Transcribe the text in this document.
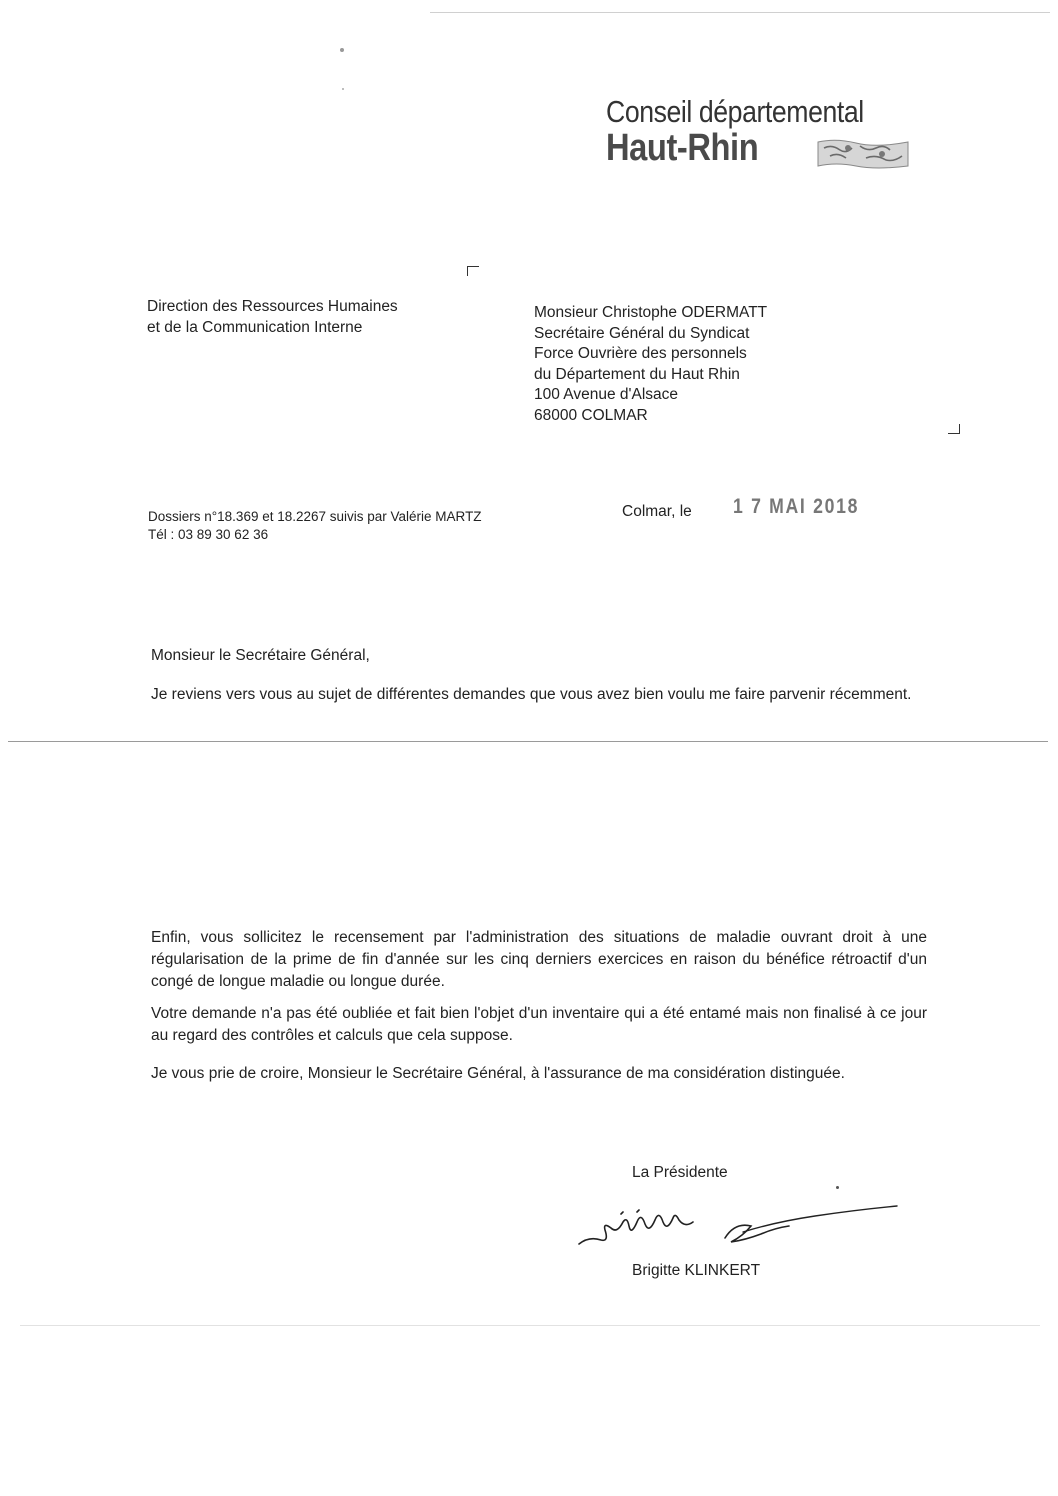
Conseil départemental
Haut-Rhin
Direction des Ressources Humaines
et de la Communication Interne
Monsieur Christophe ODERMATT
Secrétaire Général du Syndicat
Force Ouvrière des personnels
du Département du Haut Rhin
100 Avenue d'Alsace
68000 COLMAR
Dossiers n°18.369 et 18.2267 suivis par Valérie MARTZ
Tél : 03 89 30 62 36
Colmar, le 1 7 MAI 2018

Monsieur le Secrétaire Général,

Je reviens vers vous au sujet de différentes demandes que vous avez bien voulu me faire parvenir récemment.

Enfin, vous sollicitez le recensement par l'administration des situations de maladie ouvrant droit à une régularisation de la prime de fin d'année sur les cinq derniers exercices en raison du bénéfice rétroactif d'un congé de longue maladie ou longue durée.

Votre demande n'a pas été oubliée et fait bien l'objet d'un inventaire qui a été entamé mais non finalisé à ce jour au regard des contrôles et calculs que cela suppose.

Je vous prie de croire, Monsieur le Secrétaire Général, à l'assurance de ma considération distinguée.

La Présidente
Brigitte KLINKERT
